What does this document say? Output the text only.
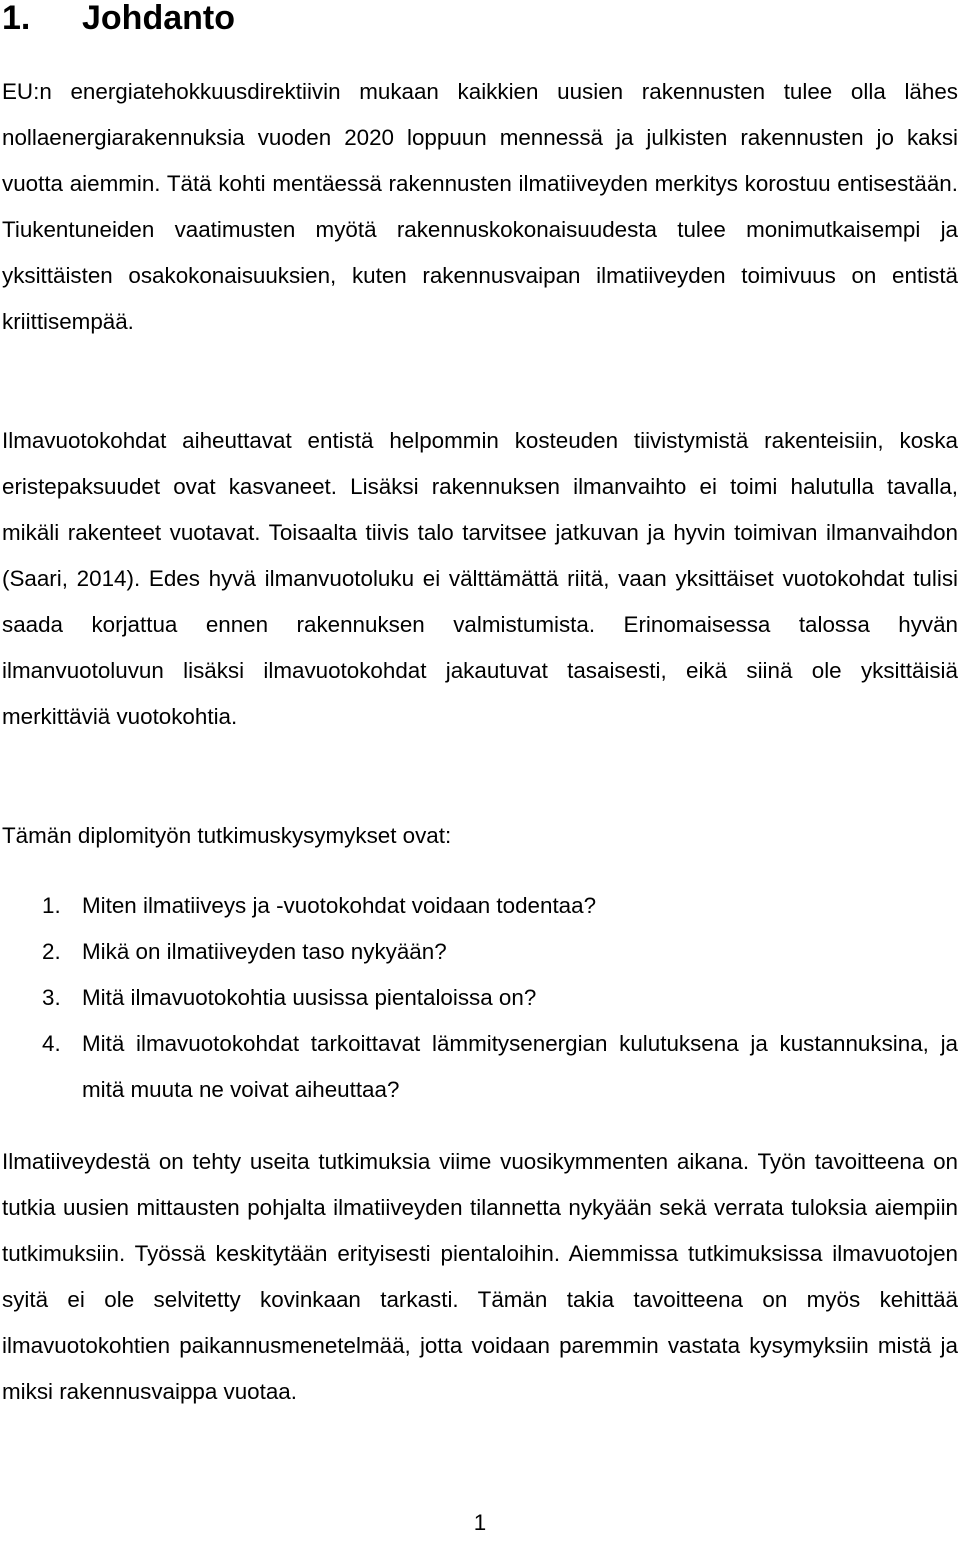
1. Johdanto

EU:n energiatehokkuusdirektiivin mukaan kaikkien uusien rakennusten tulee olla lähes nollaenergiarakennuksia vuoden 2020 loppuun mennessä ja julkisten rakennusten jo kaksi vuotta aiemmin. Tätä kohti mentäessä rakennusten ilmatiiveyden merkitys korostuu entisestään. Tiukentuneiden vaatimusten myötä rakennuskokonaisuudesta tulee monimutkaisempi ja yksittäisten osakokonaisuuksien, kuten rakennusvaipan ilmatiiveyden toimivuus on entistä kriittisempää.

Ilmavuotokohdat aiheuttavat entistä helpommin kosteuden tiivistymistä rakenteisiin, koska eristepaksuudet ovat kasvaneet. Lisäksi rakennuksen ilmanvaihto ei toimi halutulla tavalla, mikäli rakenteet vuotavat. Toisaalta tiivis talo tarvitsee jatkuvan ja hyvin toimivan ilmanvaihdon (Saari, 2014). Edes hyvä ilmanvuotoluku ei välttämättä riitä, vaan yksittäiset vuotokohdat tulisi saada korjattua ennen rakennuksen valmistumista. Erinomaisessa talossa hyvän ilmanvuotoluvun lisäksi ilmavuotokohdat jakautuvat tasaisesti, eikä siinä ole yksittäisiä merkittäviä vuotokohtia.

Tämän diplomityön tutkimuskysymykset ovat:

1. Miten ilmatiiveys ja -vuotokohdat voidaan todentaa?
2. Mikä on ilmatiiveyden taso nykyään?
3. Mitä ilmavuotokohtia uusissa pientaloissa on?
4. Mitä ilmavuotokohdat tarkoittavat lämmitysenergian kulutuksena ja kustannuksina, ja mitä muuta ne voivat aiheuttaa?

Ilmatiiveydestä on tehty useita tutkimuksia viime vuosikymmenten aikana. Työn tavoitteena on tutkia uusien mittausten pohjalta ilmatiiveyden tilannetta nykyään sekä verrata tuloksia aiempiin tutkimuksiin. Työssä keskitytään erityisesti pientaloihin. Aiemmissa tutkimuksissa ilmavuotojen syitä ei ole selvitetty kovinkaan tarkasti. Tämän takia tavoitteena on myös kehittää ilmavuotokohtien paikannusmenetelmää, jotta voidaan paremmin vastata kysymyksiin mistä ja miksi rakennusvaippa vuotaa.

1
